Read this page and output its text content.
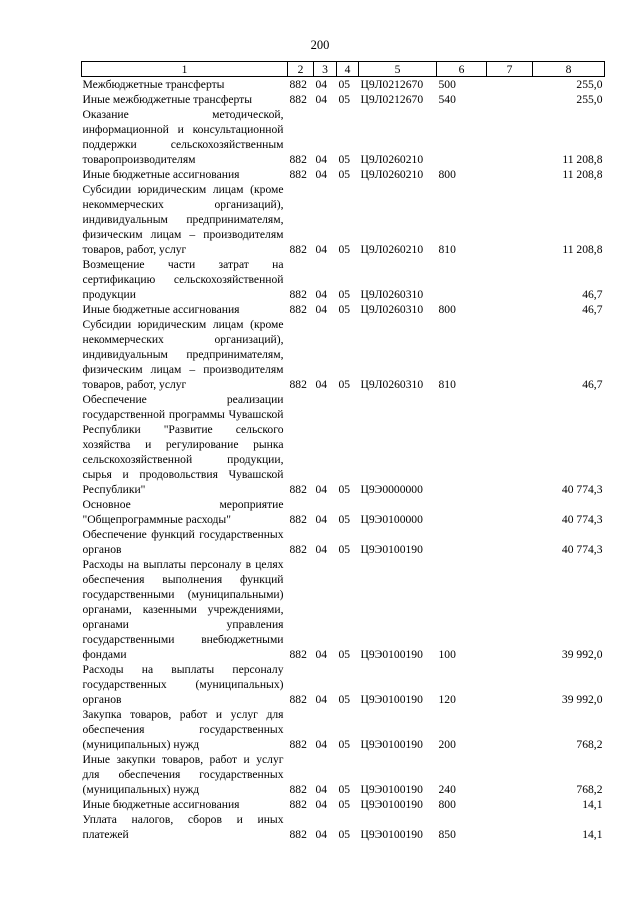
200
1	2	3	4	5	6	7	8
Межбюджетные трансферты	882	04	05	Ц9Л0212670	500		255,0
Иные межбюджетные трансферты	882	04	05	Ц9Л0212670	540		255,0
Оказание методической, информационной и консультационной поддержки сельскохозяйственным товаропроизводителям	882	04	05	Ц9Л0260210			11 208,8
Иные бюджетные ассигнования	882	04	05	Ц9Л0260210	800		11 208,8
Субсидии юридическим лицам (кроме некоммерческих организаций), индивидуальным предпринимателям, физическим лицам – производителям товаров, работ, услуг	882	04	05	Ц9Л0260210	810		11 208,8
Возмещение части затрат на сертификацию сельскохозяйственной продукции	882	04	05	Ц9Л0260310			46,7
Иные бюджетные ассигнования	882	04	05	Ц9Л0260310	800		46,7
Субсидии юридическим лицам (кроме некоммерческих организаций), индивидуальным предпринимателям, физическим лицам – производителям товаров, работ, услуг	882	04	05	Ц9Л0260310	810		46,7
Обеспечение реализации государственной программы Чувашской Республики "Развитие сельского хозяйства и регулирование рынка сельскохозяйственной продукции, сырья и продовольствия Чувашской Республики"	882	04	05	Ц9Э0000000			40 774,3
Основное мероприятие "Общепрограммные расходы"	882	04	05	Ц9Э0100000			40 774,3
Обеспечение функций государственных органов	882	04	05	Ц9Э0100190			40 774,3
Расходы на выплаты персоналу в целях обеспечения выполнения функций государственными (муниципальными) органами, казенными учреждениями, органами управления государственными внебюджетными фондами	882	04	05	Ц9Э0100190	100		39 992,0
Расходы на выплаты персоналу государственных (муниципальных) органов	882	04	05	Ц9Э0100190	120		39 992,0
Закупка товаров, работ и услуг для обеспечения государственных (муниципальных) нужд	882	04	05	Ц9Э0100190	200		768,2
Иные закупки товаров, работ и услуг для обеспечения государственных (муниципальных) нужд	882	04	05	Ц9Э0100190	240		768,2
Иные бюджетные ассигнования	882	04	05	Ц9Э0100190	800		14,1
Уплата налогов, сборов и иных платежей	882	04	05	Ц9Э0100190	850		14,1
